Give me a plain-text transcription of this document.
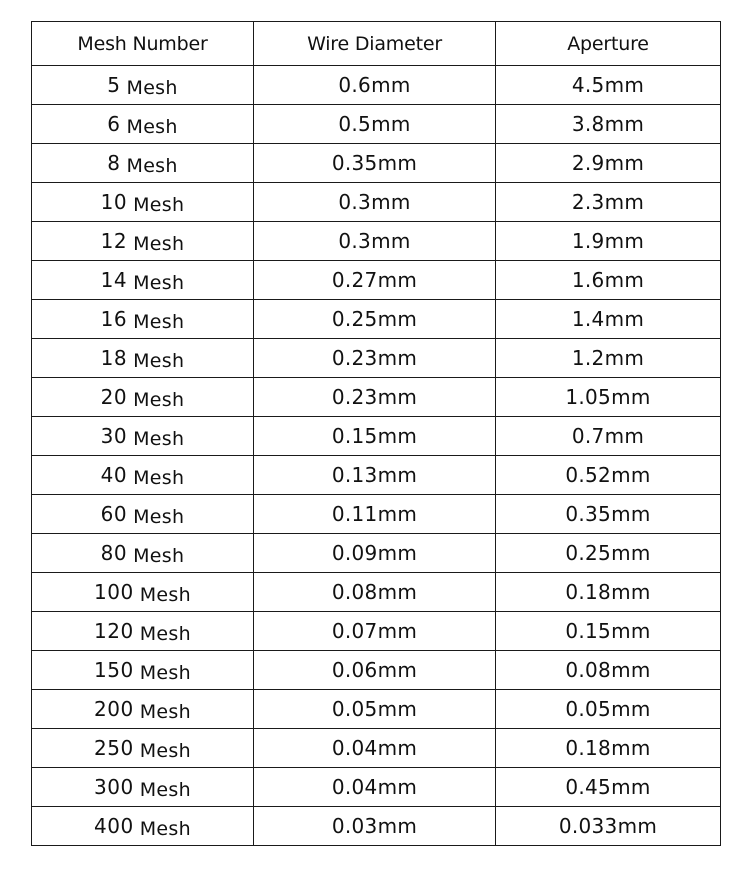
Mesh Number	Wire Diameter	Aperture
5 Mesh	0.6mm	4.5mm
6 Mesh	0.5mm	3.8mm
8 Mesh	0.35mm	2.9mm
10 Mesh	0.3mm	2.3mm
12 Mesh	0.3mm	1.9mm
14 Mesh	0.27mm	1.6mm
16 Mesh	0.25mm	1.4mm
18 Mesh	0.23mm	1.2mm
20 Mesh	0.23mm	1.05mm
30 Mesh	0.15mm	0.7mm
40 Mesh	0.13mm	0.52mm
60 Mesh	0.11mm	0.35mm
80 Mesh	0.09mm	0.25mm
100 Mesh	0.08mm	0.18mm
120 Mesh	0.07mm	0.15mm
150 Mesh	0.06mm	0.08mm
200 Mesh	0.05mm	0.05mm
250 Mesh	0.04mm	0.18mm
300 Mesh	0.04mm	0.45mm
400 Mesh	0.03mm	0.033mm
